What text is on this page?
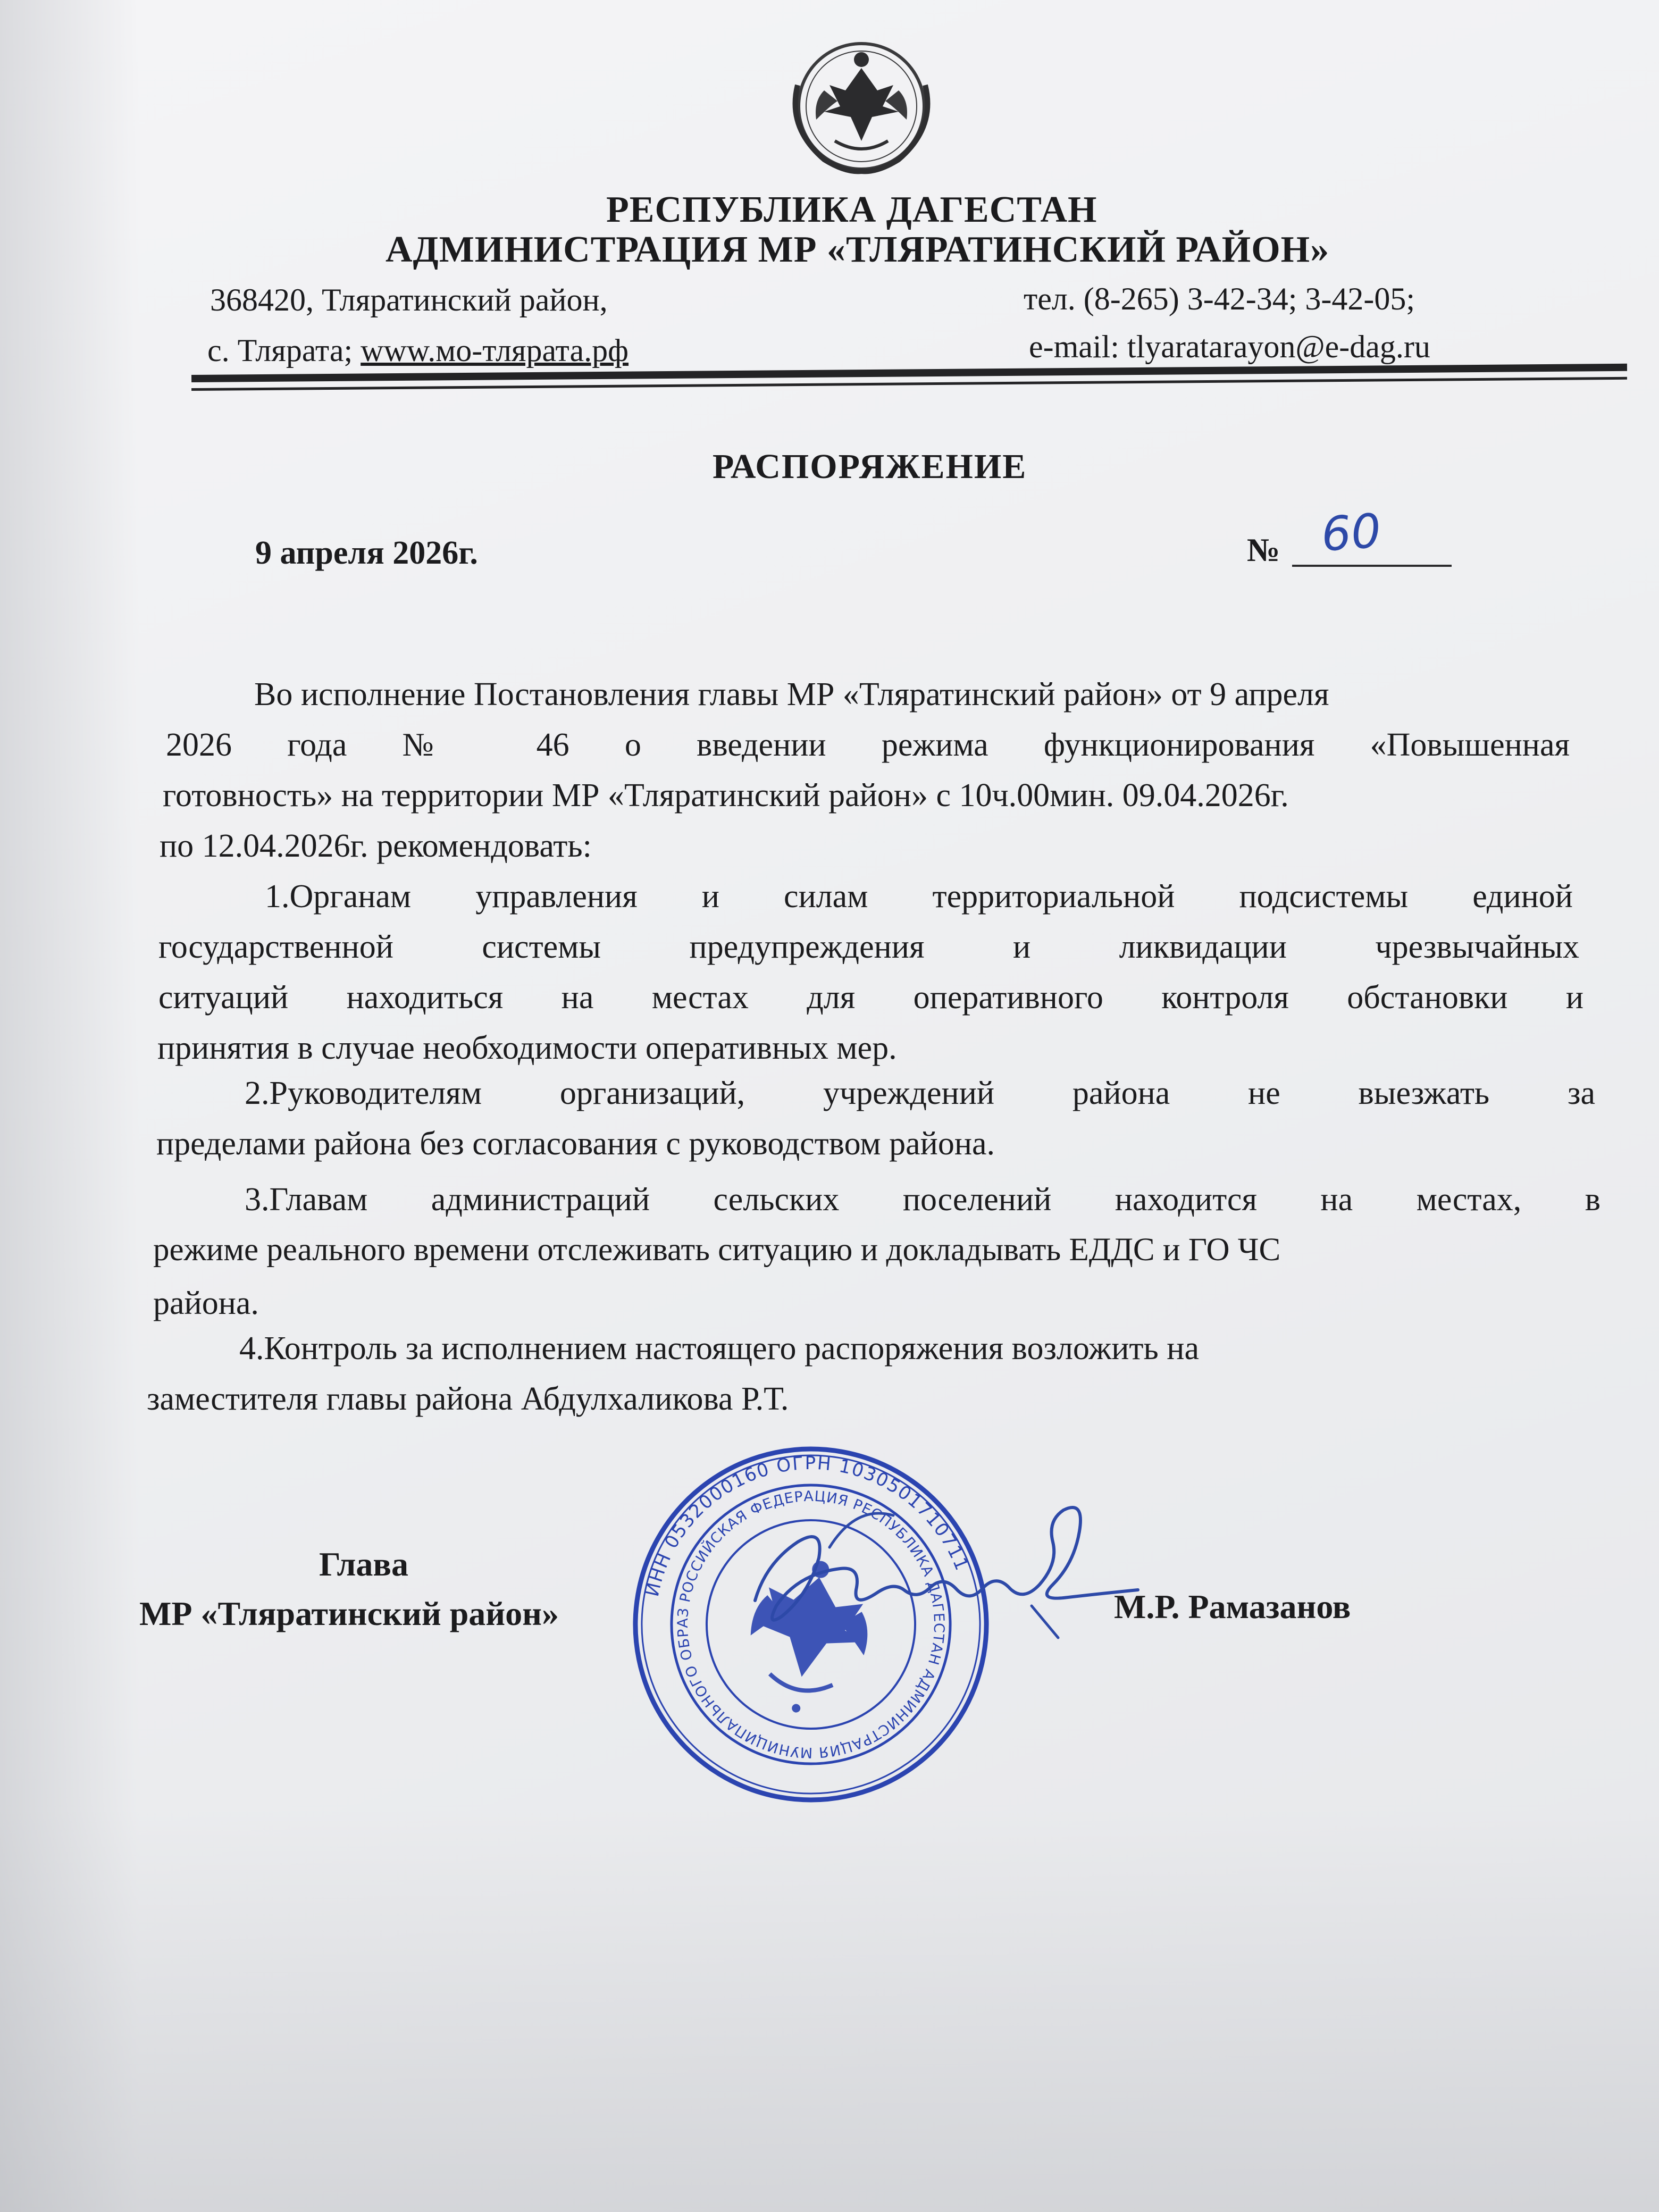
РЕСПУБЛИКА ДАГЕСТАН
АДМИНИСТРАЦИЯ МР «ТЛЯРАТИНСКИЙ РАЙОН»
368420, Тляратинский район,
с. Тлярата; www.мо-тлярата.рф
тел. (8-265) 3-42-34; 3-42-05;
e-mail: tlyaratarayon@e-dag.ru
РАСПОРЯЖЕНИЕ
9 апреля 2026г.	№ 60
Во исполнение Постановления главы МР «Тляратинский район» от 9 апреля
2026 года № 46 о введении режима функционирования «Повышенная
готовность» на территории МР «Тляратинский район» с 10ч.00мин. 09.04.2026г.
по 12.04.2026г. рекомендовать:
1.Органам управления и силам территориальной подсистемы единой
государственной системы предупреждения и ликвидации чрезвычайных
ситуаций находиться на местах для оперативного контроля обстановки и
принятия в случае необходимости оперативных мер.
2.Руководителям организаций, учреждений района не выезжать за
пределами района без согласования с руководством района.
3.Главам администраций сельских поселений находится на местах, в
режиме реального времени отслеживать ситуацию и докладывать ЕДДС и ГО ЧС
района.
4.Контроль за исполнением настоящего распоряжения возложить на
заместителя главы района Абдулхаликова Р.Т.
Глава
МР «Тляратинский район»	М.Р. Рамазанов
ИНН 0532000160 ОГРН 1030501710711
РОССИЙСКАЯ ФЕДЕРАЦИЯ РЕСПУБЛИКА ДАГЕСТАН АДМИНИСТРАЦИЯ МУНИЦИПАЛЬНОГО ОБРАЗОВАНИЯ
